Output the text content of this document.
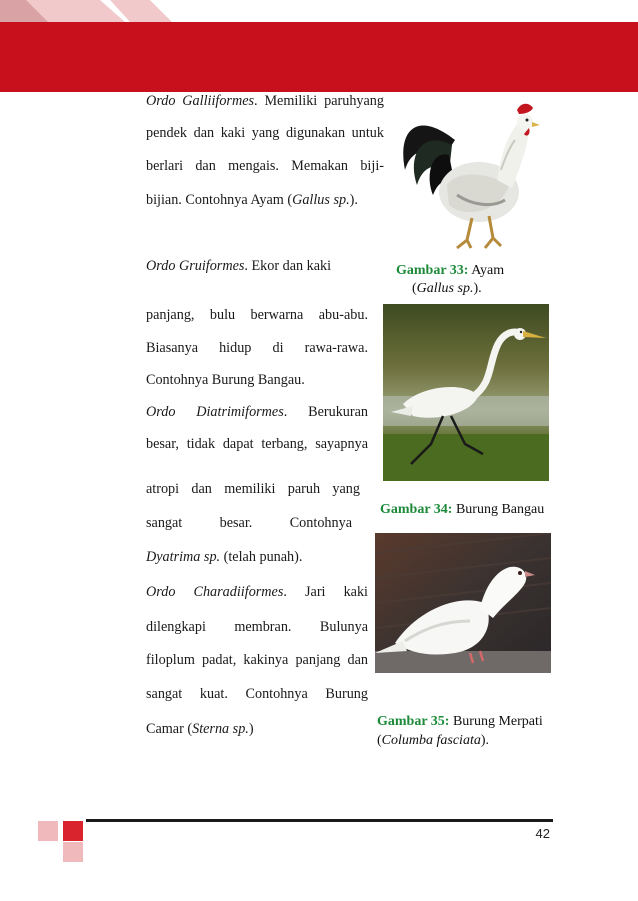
Ordo Galliiformes. Memiliki paruhyang
pendek dan kaki yang digunakan untuk
berlari dan mengais. Memakan biji-
bijian. Contohnya Ayam (Gallus sp.).
Ordo Gruiformes. Ekor dan kaki
panjang, bulu berwarna abu-abu.
Biasanya hidup di rawa-rawa.
Contohnya Burung Bangau.
Ordo Diatrimiformes. Berukuran
besar, tidak dapat terbang, sayapnya
atropi dan memiliki paruh yang
sangat besar. Contohnya
Dyatrima sp. (telah punah).
Ordo Charadiiformes. Jari kaki
dilengkapi membran. Bulunya
filoplum padat, kakinya panjang dan
sangat kuat. Contohnya Burung
Camar (Sterna sp.)
Gambar 33: Ayam
(Gallus sp.).
Gambar 34: Burung Bangau
Gambar 35: Burung Merpati
(Columba fasciata).
42
